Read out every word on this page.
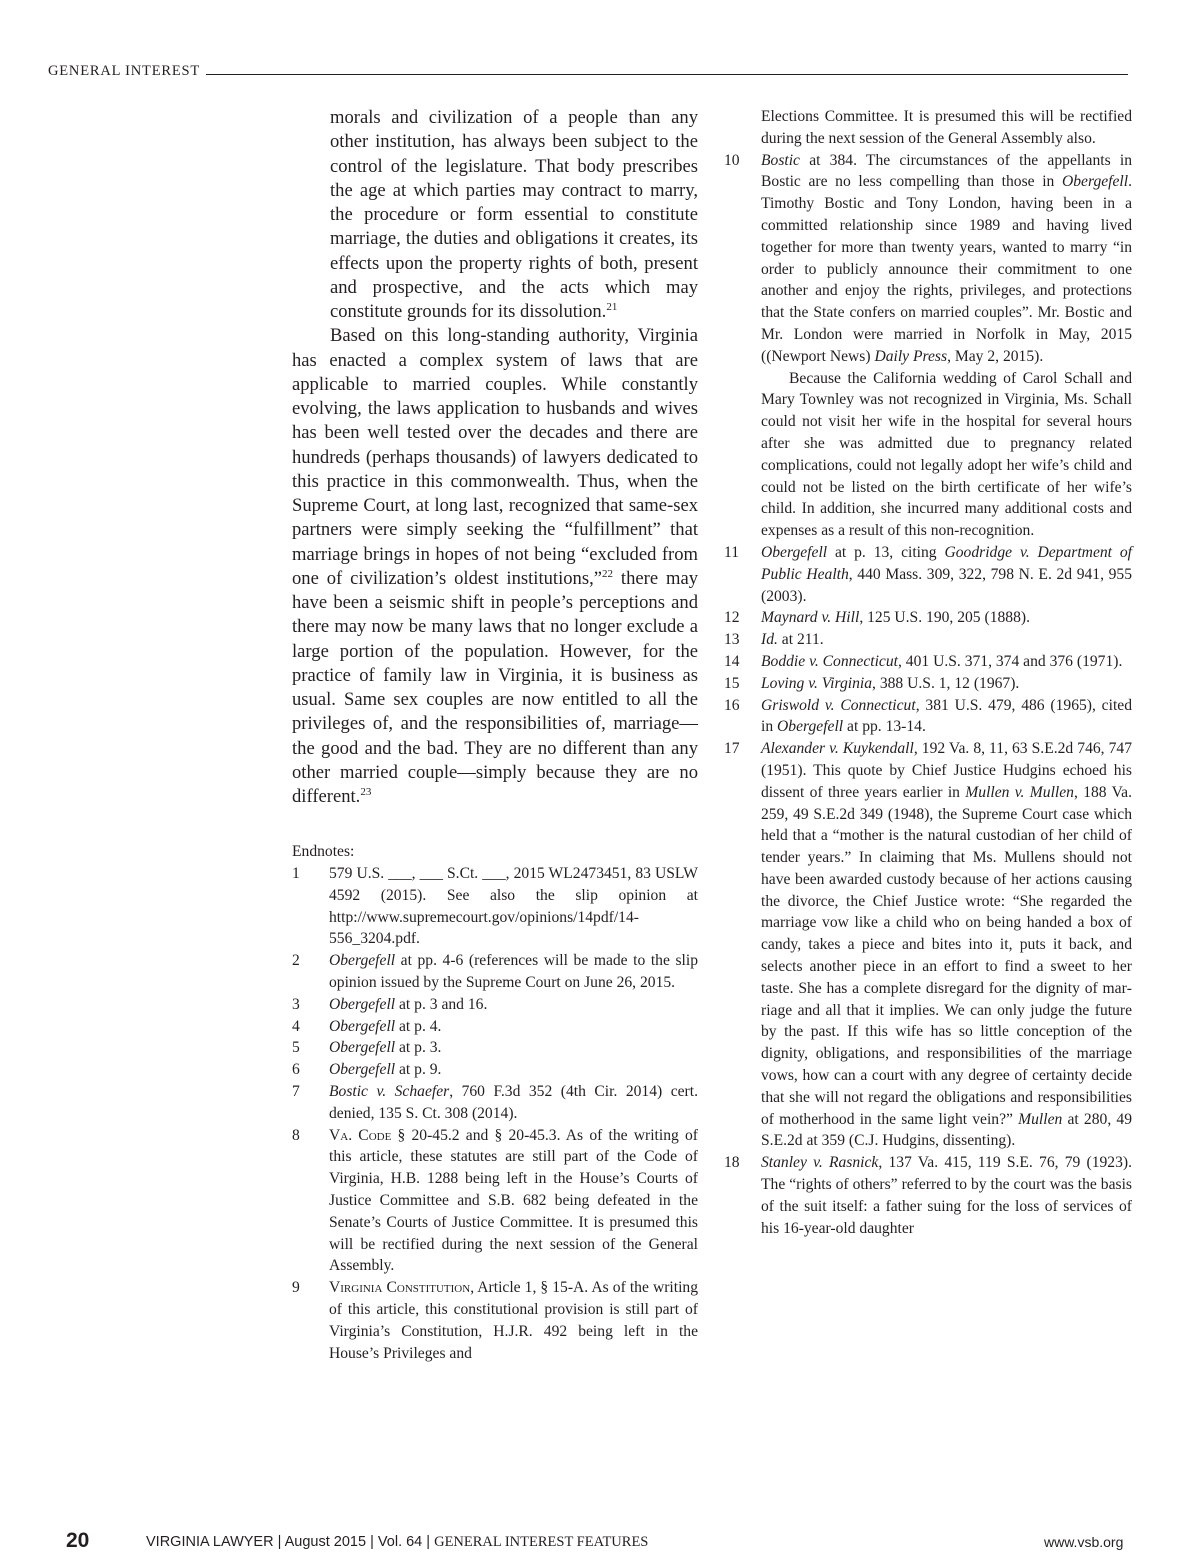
GENERAL INTEREST

morals and civilization of a people than any other institution, has always been subject to the control of the legislature. That body prescribes the age at which parties may contract to marry, the procedure or form essential to constitute marriage, the duties and obligations it creates, its effects upon the property rights of both, present and prospective, and the acts which may constitute grounds for its dissolution.$^{21}$

Based on this long-standing authority, Virginia has enacted a complex system of laws that are applicable to married couples. While constantly evolving, the laws application to husbands and wives has been well tested over the decades and there are hundreds (perhaps thousands) of lawyers dedicated to this practice in this commonwealth. Thus, when the Supreme Court, at long last, recognized that same-sex partners were simply seeking the “fulfillment” that marriage brings in hopes of not being “excluded from one of civilization’s oldest institutions,”$^{22}$ there may have been a seismic shift in people’s perceptions and there may now be many laws that no longer exclude a large portion of the population. However, for the practice of family law in Virginia, it is business as usual. Same sex couples are now entitled to all the privileges of, and the responsibilities of, marriage—the good and the bad. They are no different than any other married couple—simply because they are no different.$^{23}$

Endnotes:
1	579 U.S. ___, ___ S.Ct. ___, 2015 WL2473451, 83 USLW 4592 (2015). See also the slip opinion at http://www.supremecourt.gov/opinions/14pdf/14-556_3204.pdf.
2	Obergefell at pp. 4-6 (references will be made to the slip opinion issued by the Supreme Court on June 26, 2015.
3	Obergefell at p. 3 and 16.
4	Obergefell at p. 4.
5	Obergefell at p. 3.
6	Obergefell at p. 9.
7	Bostic v. Schaefer, 760 F.3d 352 (4th Cir. 2014) cert. denied, 135 S. Ct. 308 (2014).
8	Va. Code § 20-45.2 and § 20-45.3. As of the writing of this article, these statutes are still part of the Code of Virginia, H.B. 1288 being left in the House’s Courts of Justice Committee and S.B. 682 being defeated in the Senate’s Courts of Justice Committee. It is presumed this will be rectified during the next session of the General Assembly.
9	Virginia Constitution, Article 1, § 15-A. As of the writing of this article, this constitutional provision is still part of Virginia’s Constitution, H.J.R. 492 being left in the House’s Privileges and
Elections Committee. It is presumed this will be rectified during the next session of the General Assembly also.
10	Bostic at 384. The circumstances of the appellants in Bostic are no less compelling than those in Obergefell. Timothy Bostic and Tony London, having been in a committed relationship since 1989 and having lived together for more than twenty years, wanted to marry “in order to publicly announce their commitment to one another and enjoy the rights, privileges, and protections that the State confers on married couples”. Mr. Bostic and Mr. London were married in Norfolk in May, 2015 ((Newport News) Daily Press, May 2, 2015).
Because the California wedding of Carol Schall and Mary Townley was not recognized in Virginia, Ms. Schall could not visit her wife in the hospital for several hours after she was admitted due to pregnancy related complications, could not legally adopt her wife’s child and could not be listed on the birth certificate of her wife’s child. In addition, she incurred many additional costs and expenses as a result of this non-recognition.
11	Obergefell at p. 13, citing Goodridge v. Department of Public Health, 440 Mass. 309, 322, 798 N. E. 2d 941, 955 (2003).
12	Maynard v. Hill, 125 U.S. 190, 205 (1888).
13	Id. at 211.
14	Boddie v. Connecticut, 401 U.S. 371, 374 and 376 (1971).
15	Loving v. Virginia, 388 U.S. 1, 12 (1967).
16	Griswold v. Connecticut, 381 U.S. 479, 486 (1965), cited in Obergefell at pp. 13-14.
17	Alexander v. Kuykendall, 192 Va. 8, 11, 63 S.E.2d 746, 747 (1951). This quote by Chief Justice Hudgins echoed his dissent of three years earlier in Mullen v. Mullen, 188 Va. 259, 49 S.E.2d 349 (1948), the Supreme Court case which held that a “mother is the natural custodian of her child of tender years.” In claiming that Ms. Mullens should not have been awarded custody because of her actions causing the divorce, the Chief Justice wrote: “She regarded the marriage vow like a child who on being handed a box of candy, takes a piece and bites into it, puts it back, and selects another piece in an effort to find a sweet to her taste. She has a complete disregard for the dignity of marriage and all that it implies. We can only judge the future by the past. If this wife has so little conception of the dignity, obligations, and responsibilities of the marriage vows, how can a court with any degree of certainty decide that she will not regard the obligations and responsibilities of motherhood in the same light vein?” Mullen at 280, 49 S.E.2d at 359 (C.J. Hudgins, dissenting).
18	Stanley v. Rasnick, 137 Va. 415, 119 S.E. 76, 79 (1923). The “rights of others” referred to by the court was the basis of the suit itself: a father suing for the loss of services of his 16-year-old daughter
20	VIRGINIA LAWYER | August 2015 | Vol. 64 | GENERAL INTEREST FEATURES	www.vsb.org
